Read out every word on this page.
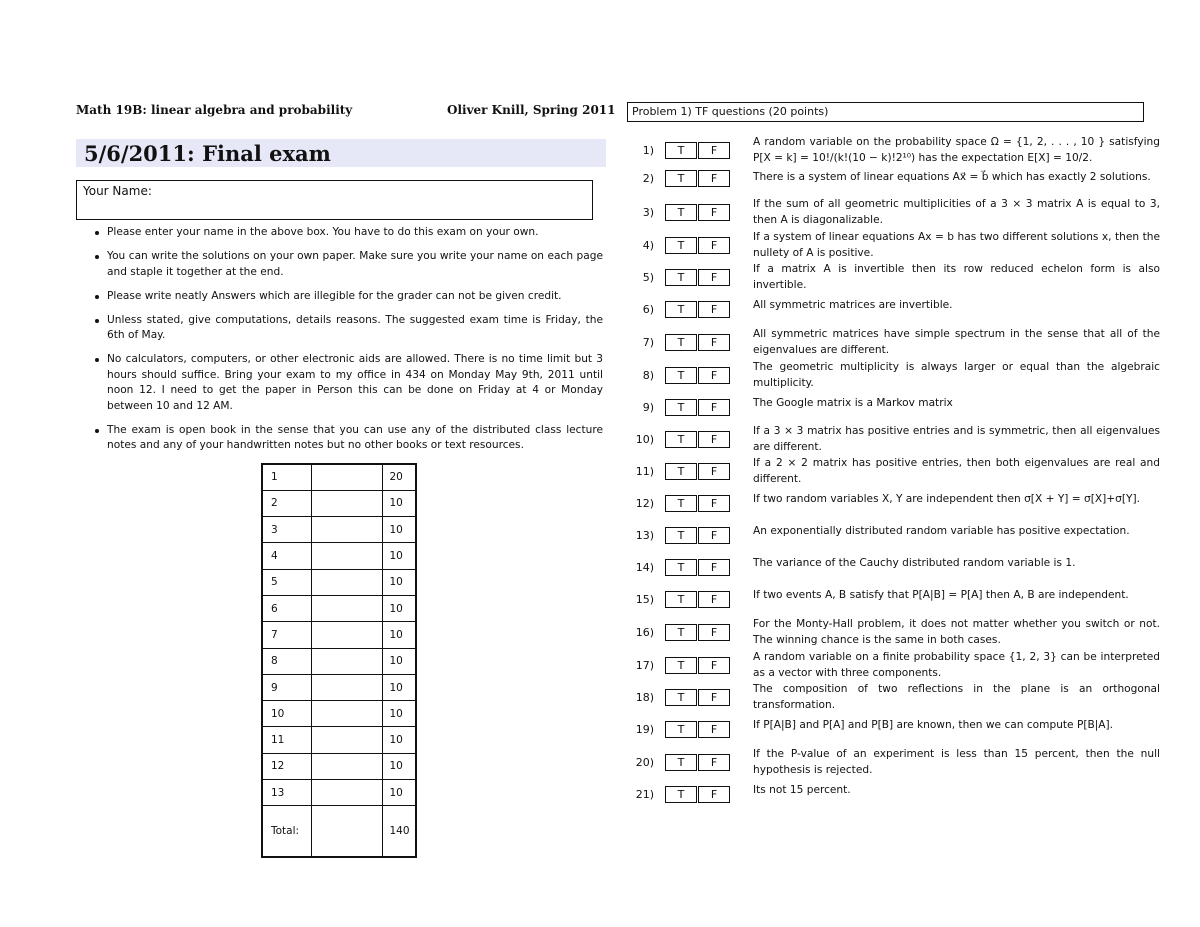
Math 19B: linear algebra and probability	Oliver Knill, Spring 2011
5/6/2011: Final exam
Your Name:
Please enter your name in the above box. You have to do this exam on your own.
You can write the solutions on your own paper. Make sure you write your name on each page and staple it together at the end.
Please write neatly Answers which are illegible for the grader can not be given credit.
Unless stated, give computations, details reasons. The suggested exam time is Friday, the 6th of May.
No calculators, computers, or other electronic aids are allowed. There is no time limit but 3 hours should suffice. Bring your exam to my office in 434 on Monday May 9th, 2011 until noon 12. I need to get the paper in Person this can be done on Friday at 4 or Monday between 10 and 12 AM.
The exam is open book in the sense that you can use any of the distributed class lecture notes and any of your handwritten notes but no other books or text resources.
1		20
2		10
3		10
4		10
5		10
6		10
7		10
8		10
9		10
10		10
11		10
12		10
13		10
Total:		140
Problem 1) TF questions (20 points)
1)	T	F
A random variable on the probability space Ω = {1, 2, . . . , 10 } satisfying P[X = k] = 10!/(k!(10 − k)!2¹⁰) has the expectation E[X] = 10/2.
2)	T	F	There is a system of linear equations Ax⃗ = b⃗ which has exactly 2 solutions.
3)	T	F
If the sum of all geometric multiplicities of a 3 × 3 matrix A is equal to 3, then A is diagonalizable.
4)	T	F
If a system of linear equations Ax = b has two different solutions x, then the nullety of A is positive.
5)	T	F
If a matrix A is invertible then its row reduced echelon form is also invertible.
6)	T	F	All symmetric matrices are invertible.
7)	T	F
All symmetric matrices have simple spectrum in the sense that all of the eigenvalues are different.
8)	T	F
The geometric multiplicity is always larger or equal than the algebraic multiplicity.
9)	T	F	The Google matrix is a Markov matrix
10)	T	F
If a 3 × 3 matrix has positive entries and is symmetric, then all eigenvalues are different.
11)	T	F
If a 2 × 2 matrix has positive entries, then both eigenvalues are real and different.
12)	T	F	If two random variables X, Y are independent then σ[X + Y] = σ[X]+σ[Y].
13)	T	F	An exponentially distributed random variable has positive expectation.
14)	T	F	The variance of the Cauchy distributed random variable is 1.
15)	T	F	If two events A, B satisfy that P[A|B] = P[A] then A, B are independent.
16)	T	F
For the Monty-Hall problem, it does not matter whether you switch or not. The winning chance is the same in both cases.
17)	T	F
A random variable on a finite probability space {1, 2, 3} can be interpreted as a vector with three components.
18)	T	F
The composition of two reflections in the plane is an orthogonal transformation.
19)	T	F	If P[A|B] and P[A] and P[B] are known, then we can compute P[B|A].
20)	T	F
If the P-value of an experiment is less than 15 percent, then the null hypothesis is rejected.
21)	T	F	Its not 15 percent.
